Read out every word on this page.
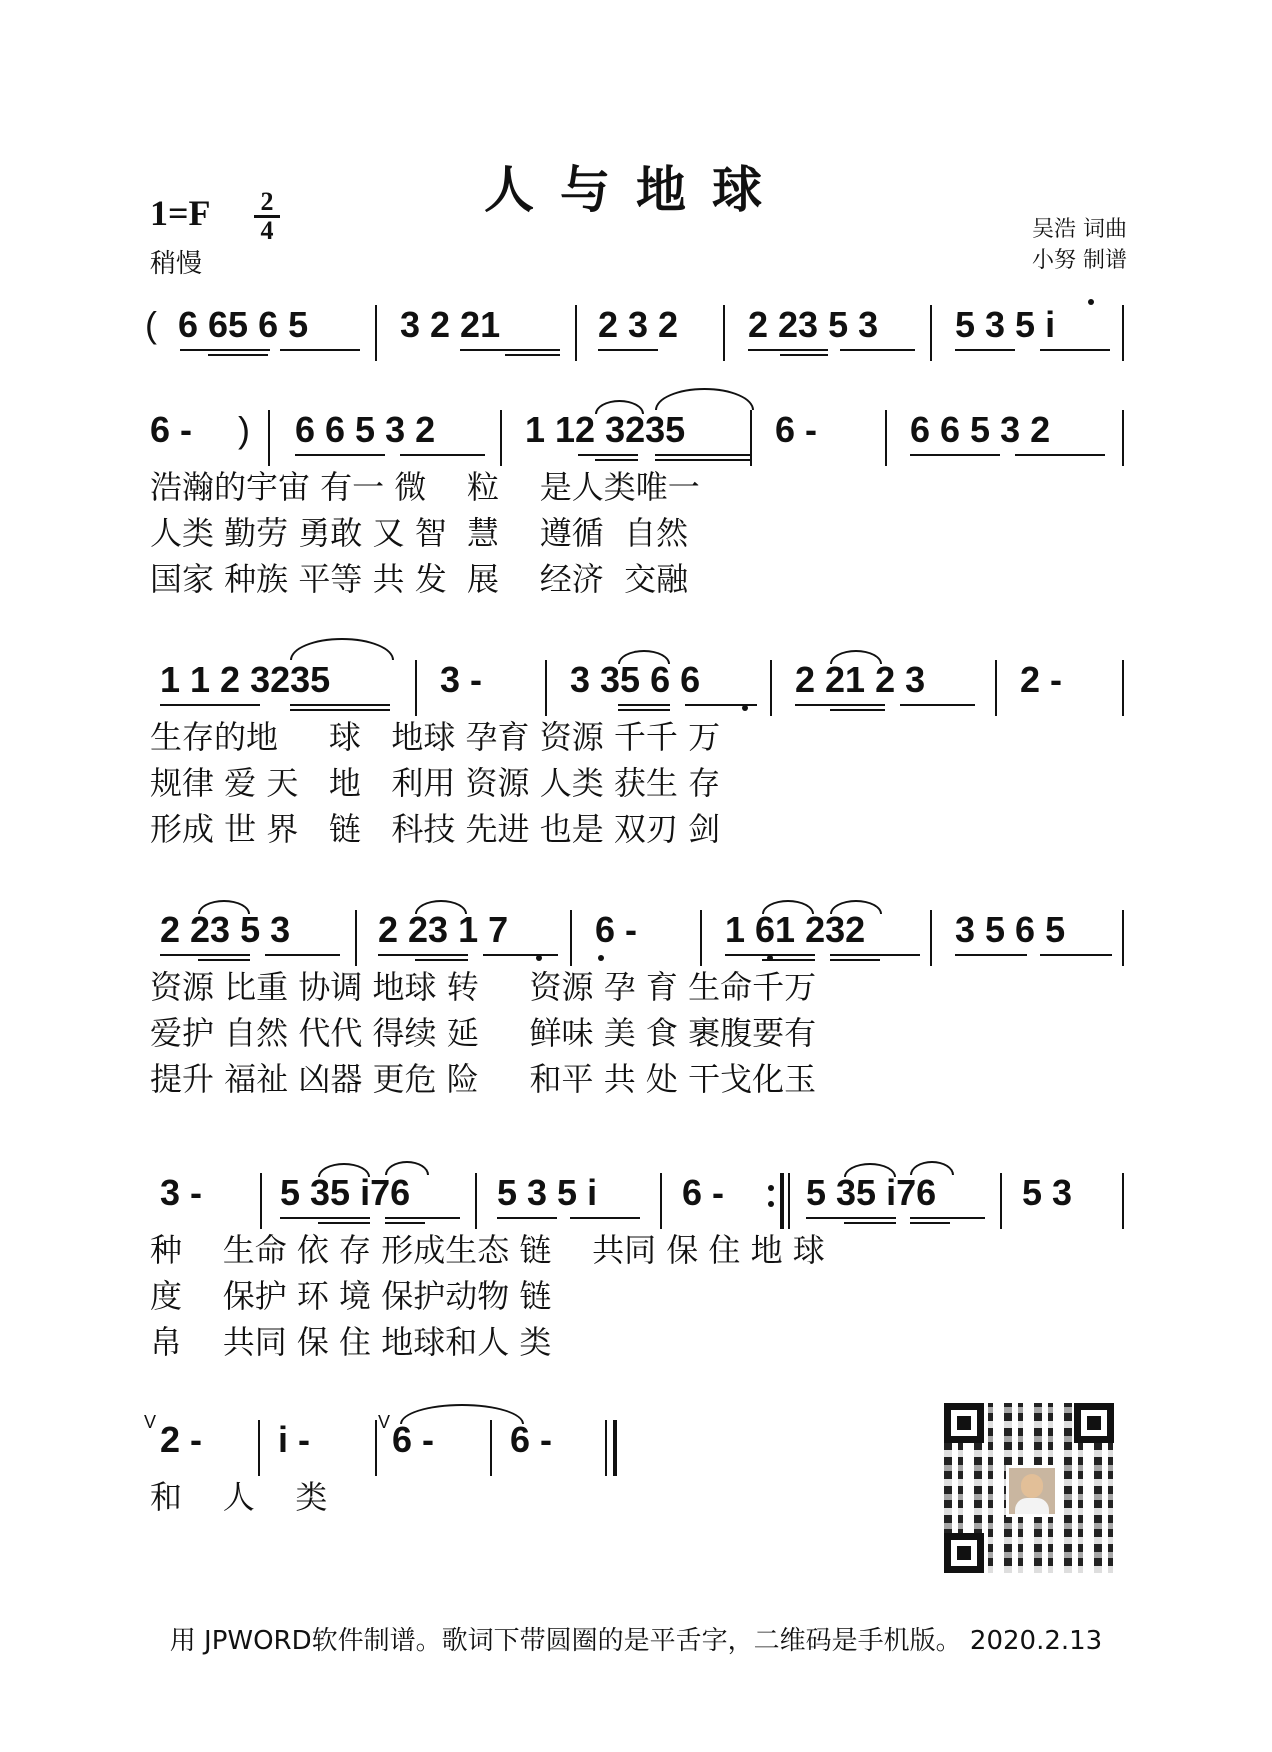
人与地球
1=F	2
4
稍慢
吴浩 词曲
小努 制谱
( 6 65 6 5	3 2 21	2 3 2 2 23 5 3 5 3 5 i
6 - ) 6 6 5 3 2 1 12 3235 6 -	6 6 5 3 2
浩瀚的宇宙 有一 微    粒    是人类唯一
人类 勤劳 勇敢 又 智  慧    遵循  自然
国家 种族 平等 共 发  展    经济  交融
1 1 2 3235	3 - 3 35 6 6	2 21 2 3	2 -
生存的地     球   地球 孕育 资源 千千 万
规律 爱 天   地   利用 资源 人类 获生 存
形成 世 界   链   科技 先进 也是 双刃 剑
2 23 5 3 2 23 1 7 6 - 1 61 232 3 5 6 5
资源 比重 协调 地球 转     资源 孕 育 生命千万
爱护 自然 代代 得续 延     鲜味 美 食 裹腹要有
提升 福祉 凶器 更危 险     和平 共 处 干戈化玉
3 - 5 35 i76 5 3 5 i 6 - 5 35 i76 5 3
种    生命 依 存 形成生态 链    共同 保 住 地 球
度    保护 环 境 保护动物 链
帛    共同 保 住 地球和人 类
V 2 - i -	V 6 - 6 -
和    人    类
用 JPWORD软件制谱。歌词下带圆圈的是平舌字，二维码是手机版。 2020.2.13
